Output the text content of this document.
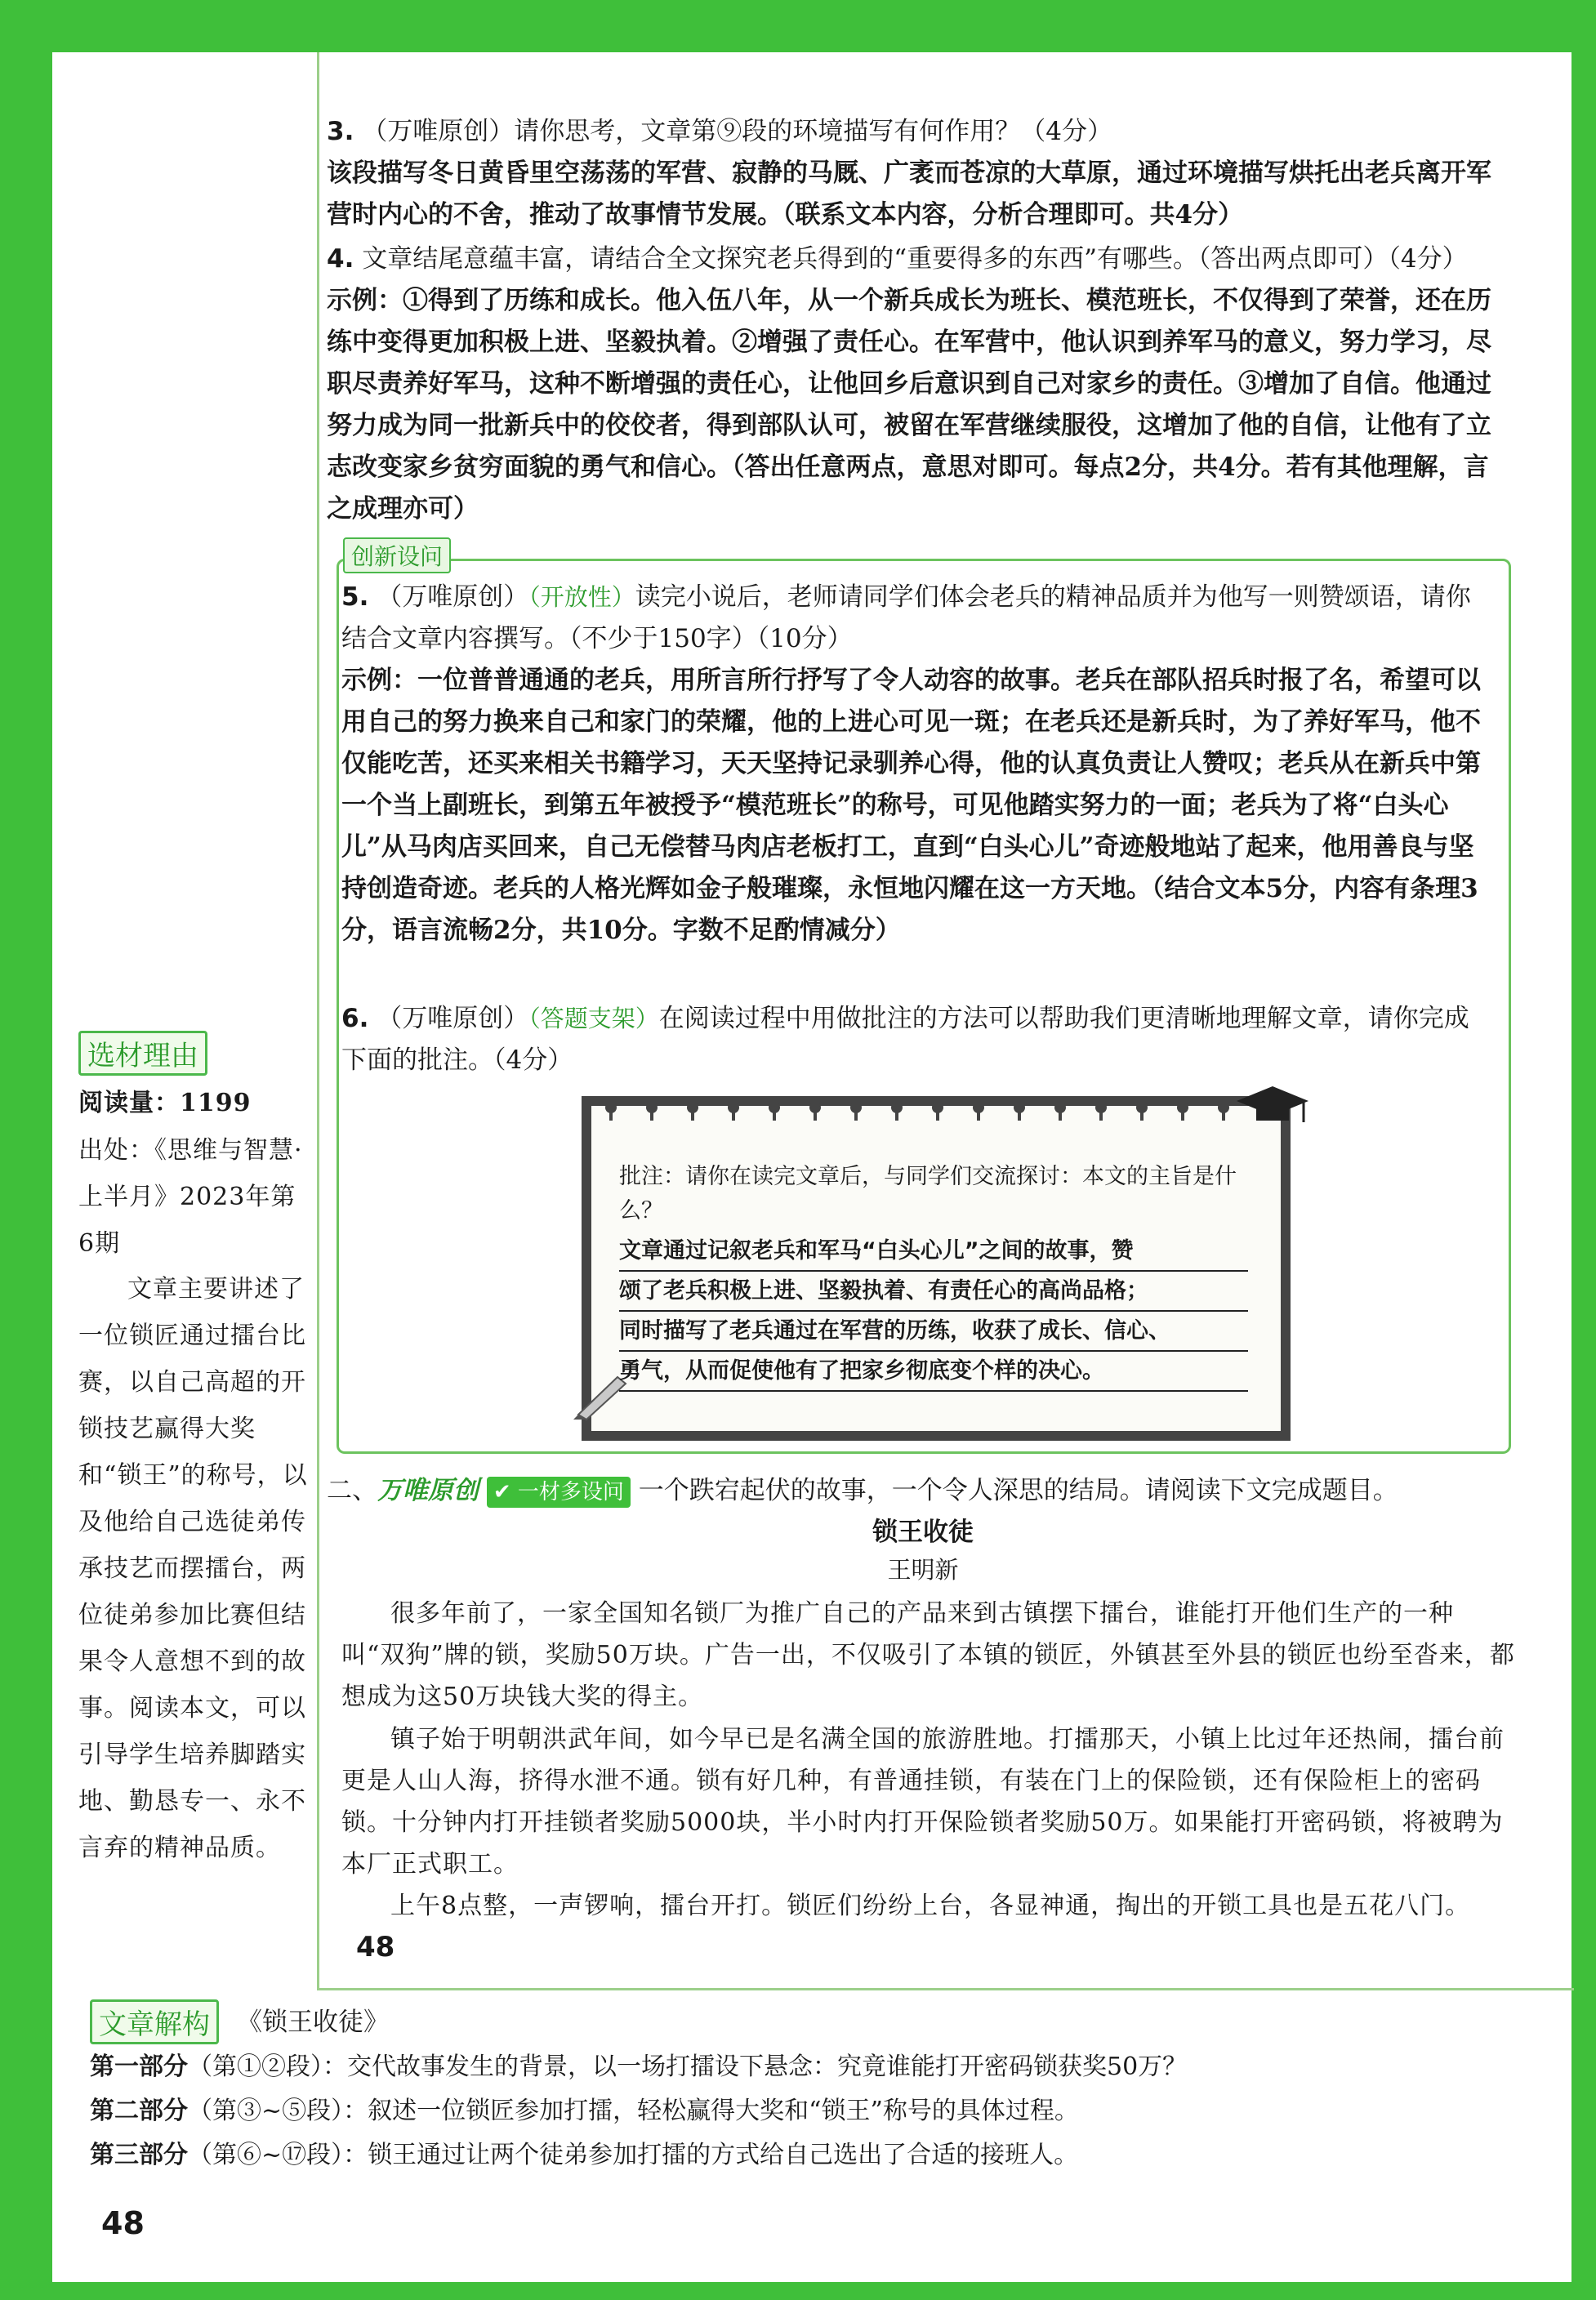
3. （万唯原创）请你思考，文章第⑨段的环境描写有何作用？（4分）
该段描写冬日黄昏里空荡荡的军营、寂静的马厩、广袤而苍凉的大草原，通过环境描写烘托出老兵离开军营时内心的不舍，推动了故事情节发展。（联系文本内容，分析合理即可。共4分）
4. 文章结尾意蕴丰富，请结合全文探究老兵得到的“重要得多的东西”有哪些。（答出两点即可）（4分）
示例：①得到了历练和成长。他入伍八年，从一个新兵成长为班长、模范班长，不仅得到了荣誉，还在历练中变得更加积极上进、坚毅执着。②增强了责任心。在军营中，他认识到养军马的意义，努力学习，尽职尽责养好军马，这种不断增强的责任心，让他回乡后意识到自己对家乡的责任。③增加了自信。他通过努力成为同一批新兵中的佼佼者，得到部队认可，被留在军营继续服役，这增加了他的自信，让他有了立志改变家乡贫穷面貌的勇气和信心。（答出任意两点，意思对即可。每点2分，共4分。若有其他理解，言之成理亦可）
创新设问
5. （万唯原创）（开放性）读完小说后，老师请同学们体会老兵的精神品质并为他写一则赞颂语，请你结合文章内容撰写。（不少于150字）（10分）
示例：一位普普通通的老兵，用所言所行抒写了令人动容的故事。老兵在部队招兵时报了名，希望可以用自己的努力换来自己和家门的荣耀，他的上进心可见一斑；在老兵还是新兵时，为了养好军马，他不仅能吃苦，还买来相关书籍学习，天天坚持记录驯养心得，他的认真负责让人赞叹；老兵从在新兵中第一个当上副班长，到第五年被授予“模范班长”的称号，可见他踏实努力的一面；老兵为了将“白头心儿”从马肉店买回来，自己无偿替马肉店老板打工，直到“白头心儿”奇迹般地站了起来，他用善良与坚持创造奇迹。老兵的人格光辉如金子般璀璨，永恒地闪耀在这一方天地。（结合文本5分，内容有条理3分，语言流畅2分，共10分。字数不足酌情减分）
6. （万唯原创）（答题支架）在阅读过程中用做批注的方法可以帮助我们更清晰地理解文章，请你完成下面的批注。（4分）
批注：请你在读完文章后，与同学们交流探讨：本文的主旨是什么？
文章通过记叙老兵和军马“白头心儿”之间的故事，赞
颂了老兵积极上进、坚毅执着、有责任心的高尚品格；
同时描写了老兵通过在军营的历练，收获了成长、信心、
勇气，从而促使他有了把家乡彻底变个样的决心。
选材理由
阅读量：1199
出处：《思维与智慧·上半月》2023年第6期
文章主要讲述了一位锁匠通过擂台比赛，以自己高超的开锁技艺赢得大奖和“锁王”的称号，以及他给自己选徒弟传承技艺而摆擂台，两位徒弟参加比赛但结果令人意想不到的故事。阅读本文，可以引导学生培养脚踏实地、勤恳专一、永不言弃的精神品质。
二、万唯原创 ✔ 一材多设问 一个跌宕起伏的故事，一个令人深思的结局。请阅读下文完成题目。
锁王收徒
王明新
很多年前了，一家全国知名锁厂为推广自己的产品来到古镇摆下擂台，谁能打开他们生产的一种叫“双狗”牌的锁，奖励50万块。广告一出，不仅吸引了本镇的锁匠，外镇甚至外县的锁匠也纷至沓来，都想成为这50万块钱大奖的得主。
镇子始于明朝洪武年间，如今早已是名满全国的旅游胜地。打擂那天，小镇上比过年还热闹，擂台前更是人山人海，挤得水泄不通。锁有好几种，有普通挂锁，有装在门上的保险锁，还有保险柜上的密码锁。十分钟内打开挂锁者奖励5000块，半小时内打开保险锁者奖励50万。如果能打开密码锁，将被聘为本厂正式职工。
上午8点整，一声锣响，擂台开打。锁匠们纷纷上台，各显神通，掏出的开锁工具也是五花八门。
48
文章解构	《锁王收徒》
第一部分（第①②段）：交代故事发生的背景，以一场打擂设下悬念：究竟谁能打开密码锁获奖50万？
第二部分（第③~⑤段）：叙述一位锁匠参加打擂，轻松赢得大奖和“锁王”称号的具体过程。
第三部分（第⑥~⑰段）：锁王通过让两个徒弟参加打擂的方式给自己选出了合适的接班人。
48
